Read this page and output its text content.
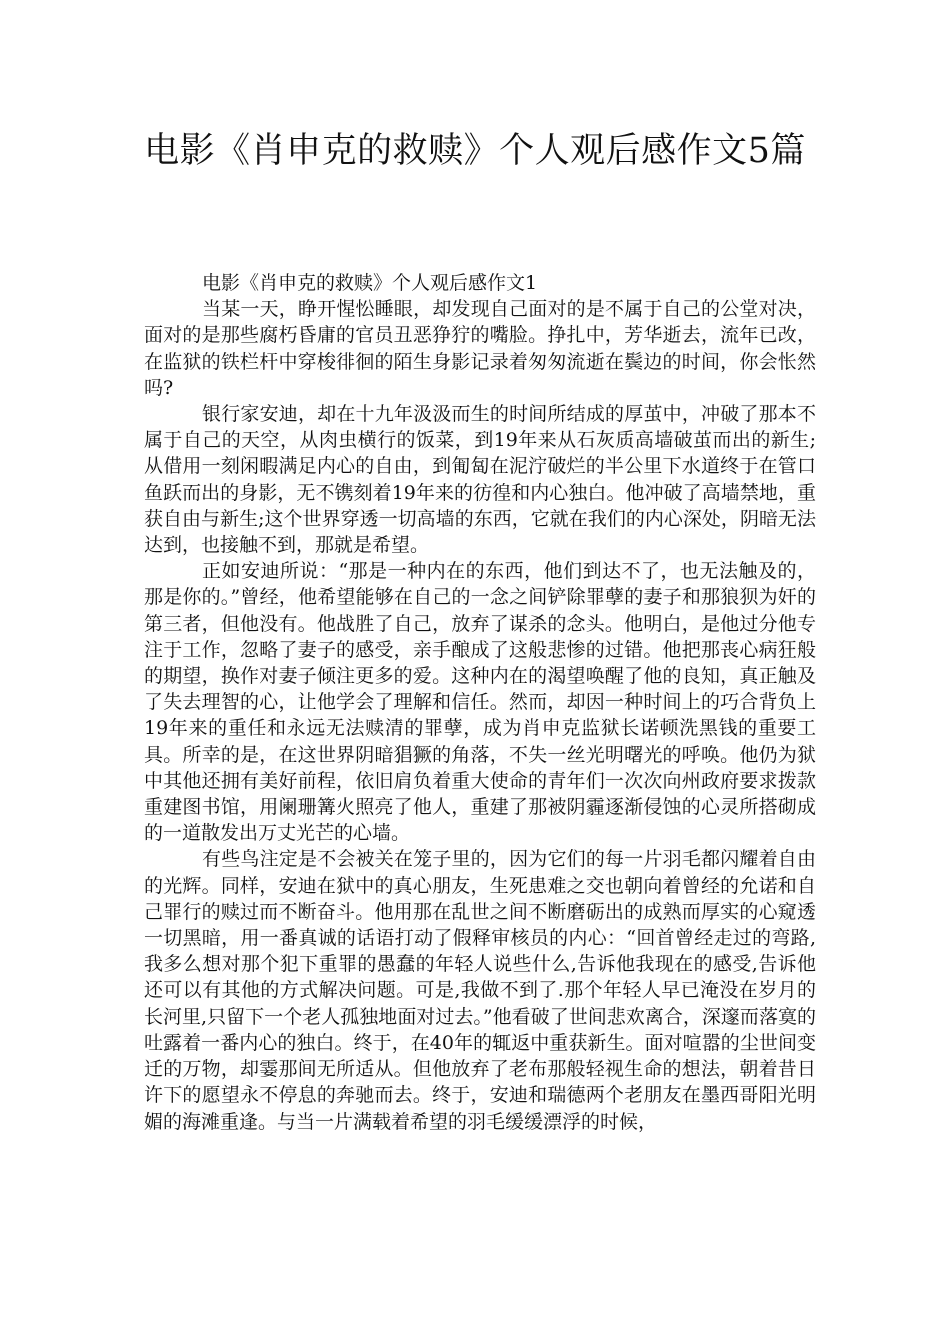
电影《肖申克的救赎》个人观后感作文5篇

电影《肖申克的救赎》个人观后感作文1

当某一天，睁开惺忪睡眼，却发现自己面对的是不属于自己的公堂对决，面对的是那些腐朽昏庸的官员丑恶狰狞的嘴脸。挣扎中，芳华逝去，流年已改，在监狱的铁栏杆中穿梭徘徊的陌生身影记录着匆匆流逝在鬓边的时间，你会怅然吗?

银行家安迪，却在十九年汲汲而生的时间所结成的厚茧中，冲破了那本不属于自己的天空，从肉虫横行的饭菜，到19年来从石灰质高墙破茧而出的新生;从借用一刻闲暇满足内心的自由，到匍匐在泥泞破烂的半公里下水道终于在管口鱼跃而出的身影，无不镌刻着19年来的彷徨和内心独白。他冲破了高墙禁地，重获自由与新生;这个世界穿透一切高墙的东西，它就在我们的内心深处，阴暗无法达到，也接触不到，那就是希望。

正如安迪所说：“那是一种内在的东西，他们到达不了，也无法触及的，那是你的。”曾经，他希望能够在自己的一念之间铲除罪孽的妻子和那狼狈为奸的第三者，但他没有。他战胜了自己，放弃了谋杀的念头。他明白，是他过分他专注于工作，忽略了妻子的感受，亲手酿成了这般悲惨的过错。他把那丧心病狂般的期望，换作对妻子倾注更多的爱。这种内在的渴望唤醒了他的良知，真正触及了失去理智的心，让他学会了理解和信任。然而，却因一种时间上的巧合背负上19年来的重任和永远无法赎清的罪孽，成为肖申克监狱长诺顿洗黑钱的重要工具。所幸的是，在这世界阴暗猖獗的角落，不失一丝光明曙光的呼唤。他仍为狱中其他还拥有美好前程，依旧肩负着重大使命的青年们一次次向州政府要求拨款重建图书馆，用阑珊篝火照亮了他人，重建了那被阴霾逐渐侵蚀的心灵所搭砌成的一道散发出万丈光芒的心墙。

有些鸟注定是不会被关在笼子里的，因为它们的每一片羽毛都闪耀着自由的光辉。同样，安迪在狱中的真心朋友，生死患难之交也朝向着曾经的允诺和自己罪行的赎过而不断奋斗。他用那在乱世之间不断磨砺出的成熟而厚实的心窥透一切黑暗，用一番真诚的话语打动了假释审核员的内心：“回首曾经走过的弯路,我多么想对那个犯下重罪的愚蠢的年轻人说些什么,告诉他我现在的感受,告诉他还可以有其他的方式解决问题。可是,我做不到了.那个年轻人早已淹没在岁月的长河里,只留下一个老人孤独地面对过去。”他看破了世间悲欢离合，深邃而落寞的吐露着一番内心的独白。终于，在40年的辄返中重获新生。面对喧嚣的尘世间变迁的万物，却霎那间无所适从。但他放弃了老布那般轻视生命的想法，朝着昔日许下的愿望永不停息的奔驰而去。终于，安迪和瑞德两个老朋友在墨西哥阳光明媚的海滩重逢。与当一片满载着希望的羽毛缓缓漂浮的时候，
